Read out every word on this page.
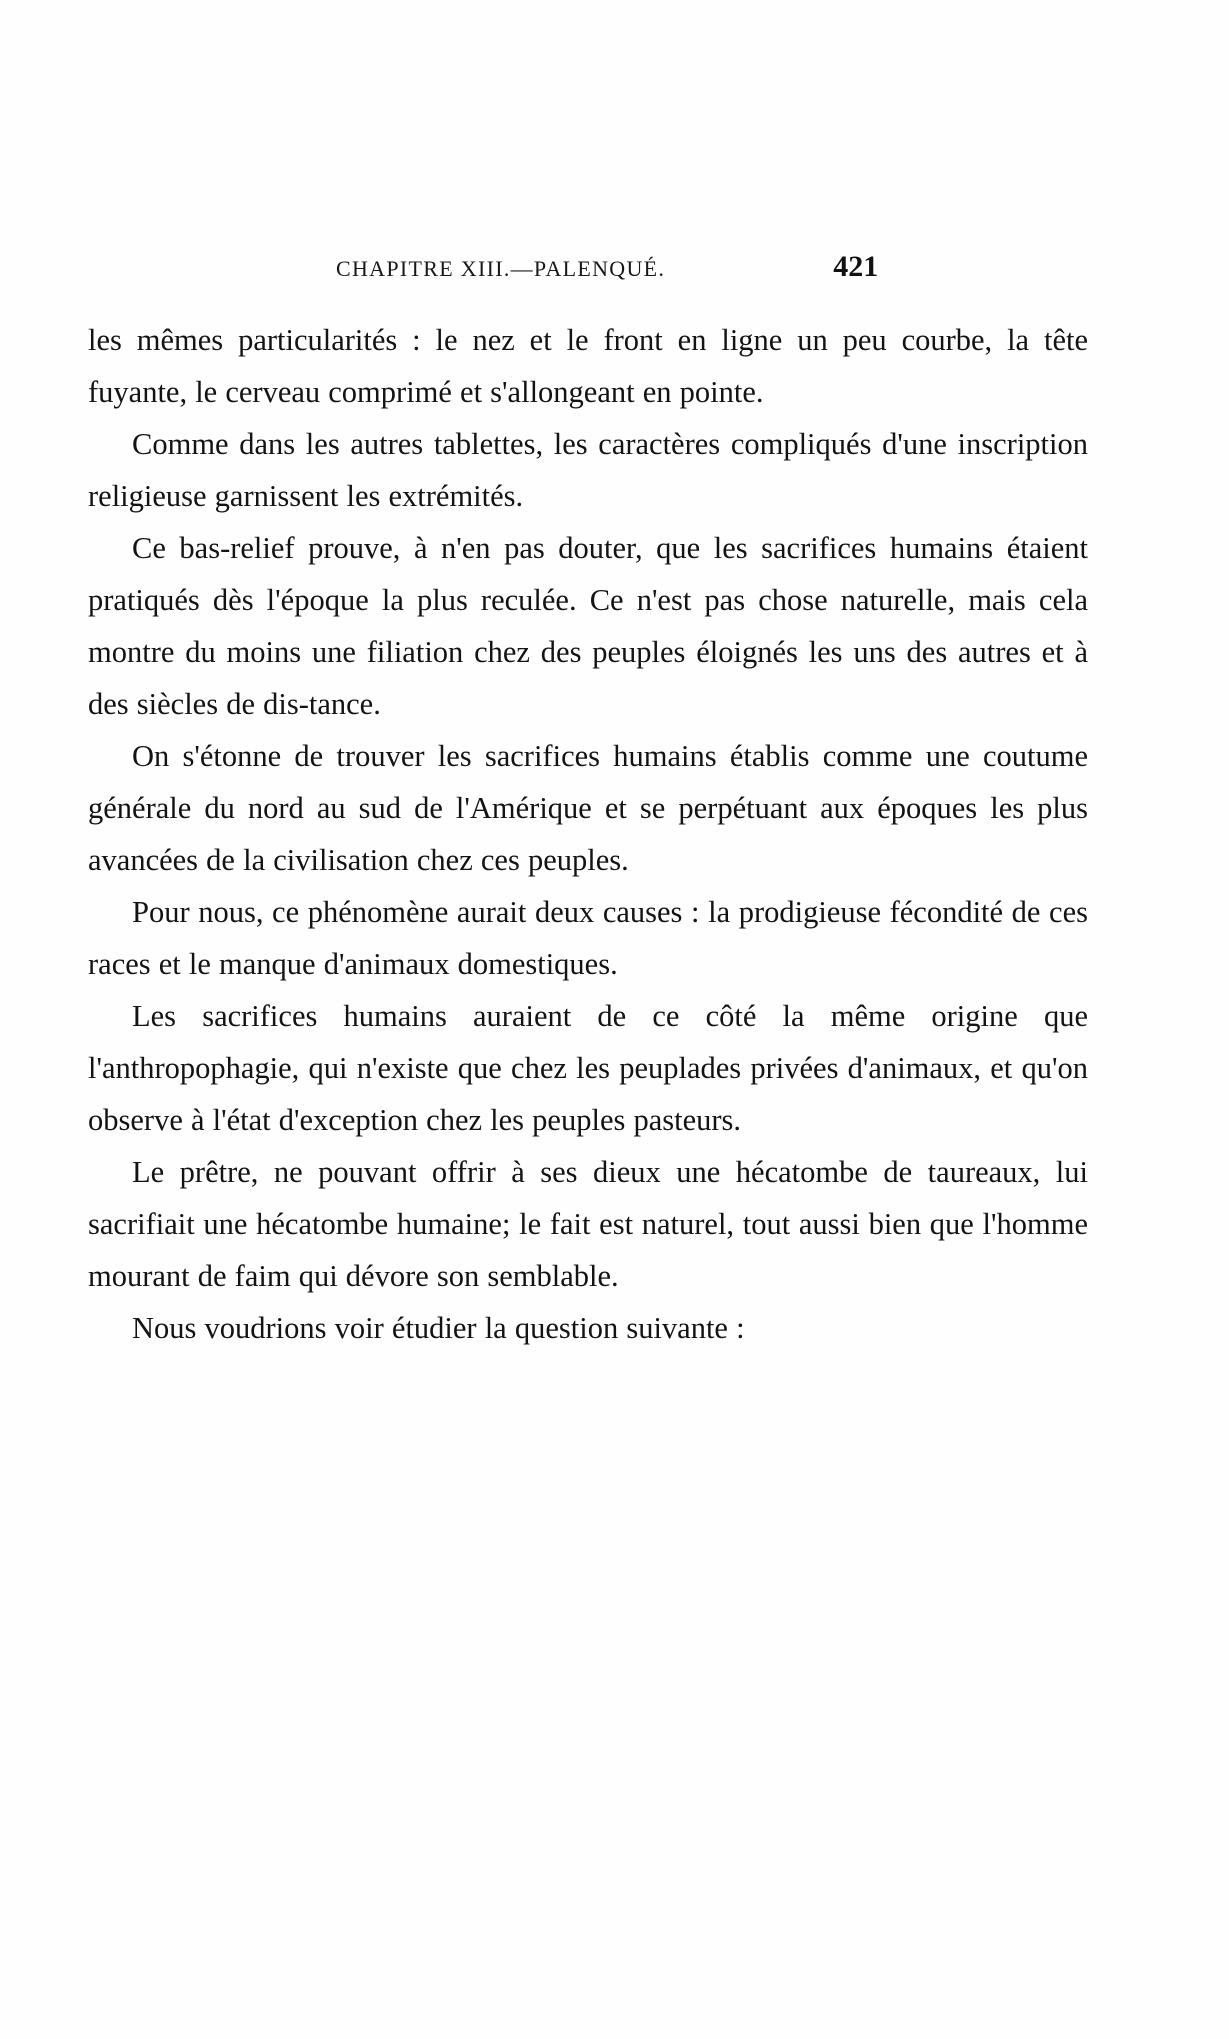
CHAPITRE XIII.—PALENQUÉ.	421

les mêmes particularités : le nez et le front en ligne un peu courbe, la tête fuyante, le cerveau comprimé et s'allongeant en pointe.

Comme dans les autres tablettes, les caractères compliqués d'une inscription religieuse garnissent les extrémités.

Ce bas-relief prouve, à n'en pas douter, que les sacrifices humains étaient pratiqués dès l'époque la plus reculée. Ce n'est pas chose naturelle, mais cela montre du moins une filiation chez des peuples éloignés les uns des autres et à des siècles de dis-tance.

On s'étonne de trouver les sacrifices humains établis comme une coutume générale du nord au sud de l'Amérique et se perpétuant aux époques les plus avancées de la civilisation chez ces peuples.

Pour nous, ce phénomène aurait deux causes : la prodigieuse fécondité de ces races et le manque d'animaux domestiques.

Les sacrifices humains auraient de ce côté la même origine que l'anthropophagie, qui n'existe que chez les peuplades privées d'animaux, et qu'on observe à l'état d'exception chez les peuples pasteurs.

Le prêtre, ne pouvant offrir à ses dieux une hécatombe de taureaux, lui sacrifiait une hécatombe humaine; le fait est naturel, tout aussi bien que l'homme mourant de faim qui dévore son semblable.

Nous voudrions voir étudier la question suivante :
